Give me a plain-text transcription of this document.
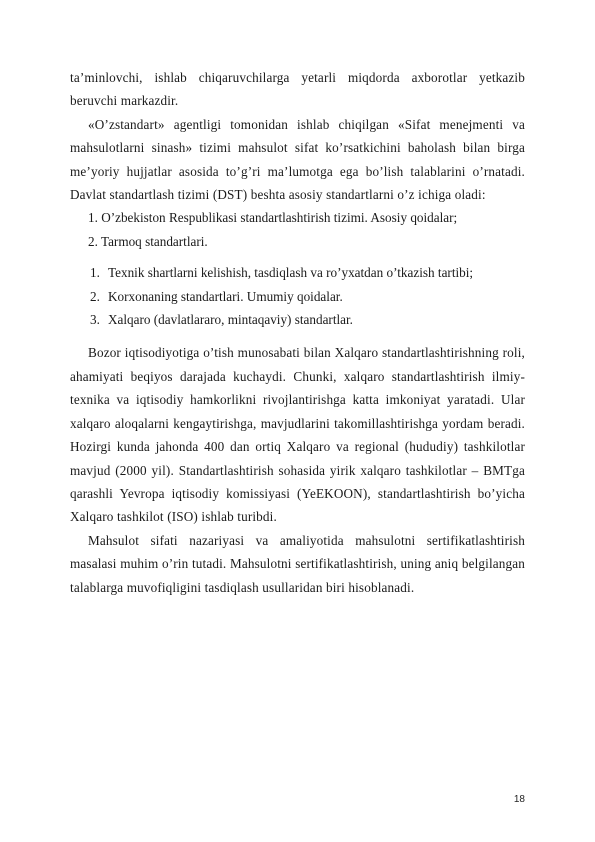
ta’minlovchi, ishlab chiqaruvchilarga yetarli miqdorda axborotlar yetkazib beruvchi markazdir.

«O’zstandart» agentligi tomonidan ishlab chiqilgan «Sifat menejmenti va mahsulotlarni sinash» tizimi mahsulot sifat ko’rsatkichini baholash bilan birga me’yoriy hujjatlar asosida to’g’ri ma’lumotga ega bo’lish talablarini o’rnatadi. Davlat standartlash tizimi (DST) beshta asosiy standartlarni o’z ichiga oladi:

1. O’zbekiston Respublikasi standartlashtirish tizimi. Asosiy qoidalar;
2. Tarmoq standartlari.
1. Texnik shartlarni kelishish, tasdiqlash va ro’yxatdan o’tkazish tartibi;
2. Korxonaning standartlari. Umumiy qoidalar.
3. Xalqaro (davlatlararo, mintaqaviy) standartlar.

Bozor iqtisodiyotiga o’tish munosabati bilan Xalqaro standartlashtirishning roli, ahamiyati beqiyos darajada kuchaydi. Chunki, xalqaro standartlashtirish ilmiy-texnika va iqtisodiy hamkorlikni rivojlantirishga katta imkoniyat yaratadi. Ular xalqaro aloqalarni kengaytirishga, mavjudlarini takomillashtirishga yordam beradi. Hozirgi kunda jahonda 400 dan ortiq Xalqaro va regional (hududiy) tashkilotlar mavjud (2000 yil). Standartlashtirish sohasida yirik xalqaro tashkilotlar – BMTga qarashli Yevropa iqtisodiy komissiyasi (YeEKOON), standartlashtirish bo’yicha Xalqaro tashkilot (ISO) ishlab turibdi.

Mahsulot sifati nazariyasi va amaliyotida mahsulotni sertifikatlashtirish masalasi muhim o’rin tutadi. Mahsulotni sertifikatlashtirish, uning aniq belgilangan talablarga muvofiqligini tasdiqlash usullaridan biri hisoblanadi.

18
